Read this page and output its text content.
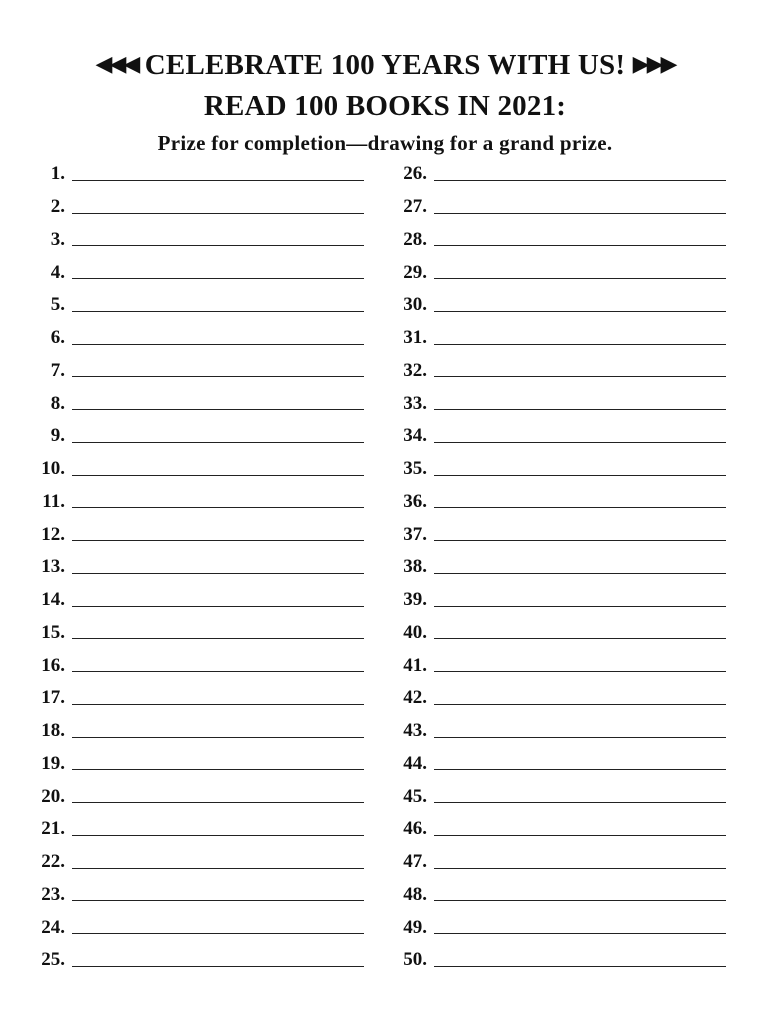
◀◀◀ CELEBRATE 100 YEARS WITH US! ▶▶▶
READ 100 BOOKS IN 2021:
Prize for completion—drawing for a grand prize.
1.
2.
3.
4.
5.
6.
7.
8.
9.
10.
11.
12.
13.
14.
15.
16.
17.
18.
19.
20.
21.
22.
23.
24.
25.
26.
27.
28.
29.
30.
31.
32.
33.
34.
35.
36.
37.
38.
39.
40.
41.
42.
43.
44.
45.
46.
47.
48.
49.
50.
